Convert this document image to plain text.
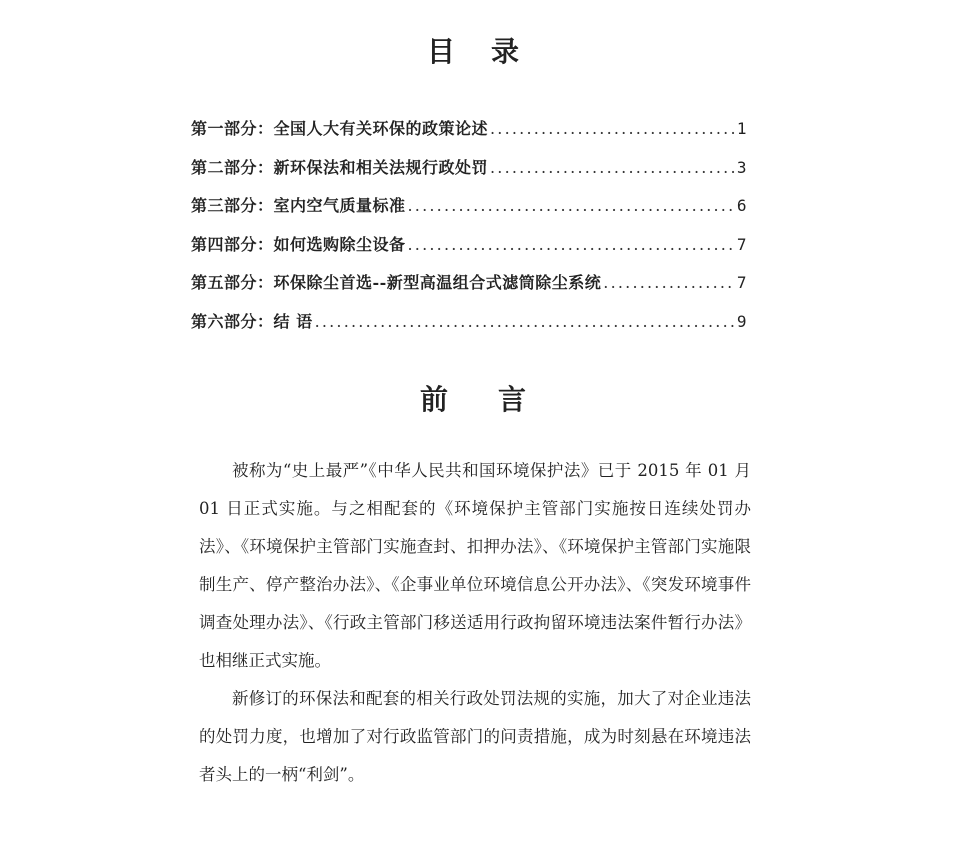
目录
第一部分：全国人大有关环保的政策论述 .....	1
第二部分：新环保法和相关法规行政处罚 .....	3
第三部分：室内空气质量标准 .....	6
第四部分：如何选购除尘设备 .....	7
第五部分：环保除尘首选--新型高温组合式滤筒除尘系统 .....	7
第六部分：结 语 .....	9
前言

被称为“史上最严”《中华人民共和国环境保护法》已于 2015 年 01 月 01 日正式实施。与之相配套的《环境保护主管部门实施按日连续处罚办法》、《环境保护主管部门实施查封、扣押办法》、《环境保护主管部门实施限制生产、停产整治办法》、《企事业单位环境信息公开办法》、《突发环境事件调查处理办法》、《行政主管部门移送适用行政拘留环境违法案件暂行办法》也相继正式实施。

新修订的环保法和配套的相关行政处罚法规的实施，加大了对企业违法的处罚力度，也增加了对行政监管部门的问责措施，成为时刻悬在环境违法者头上的一柄“利剑”。
